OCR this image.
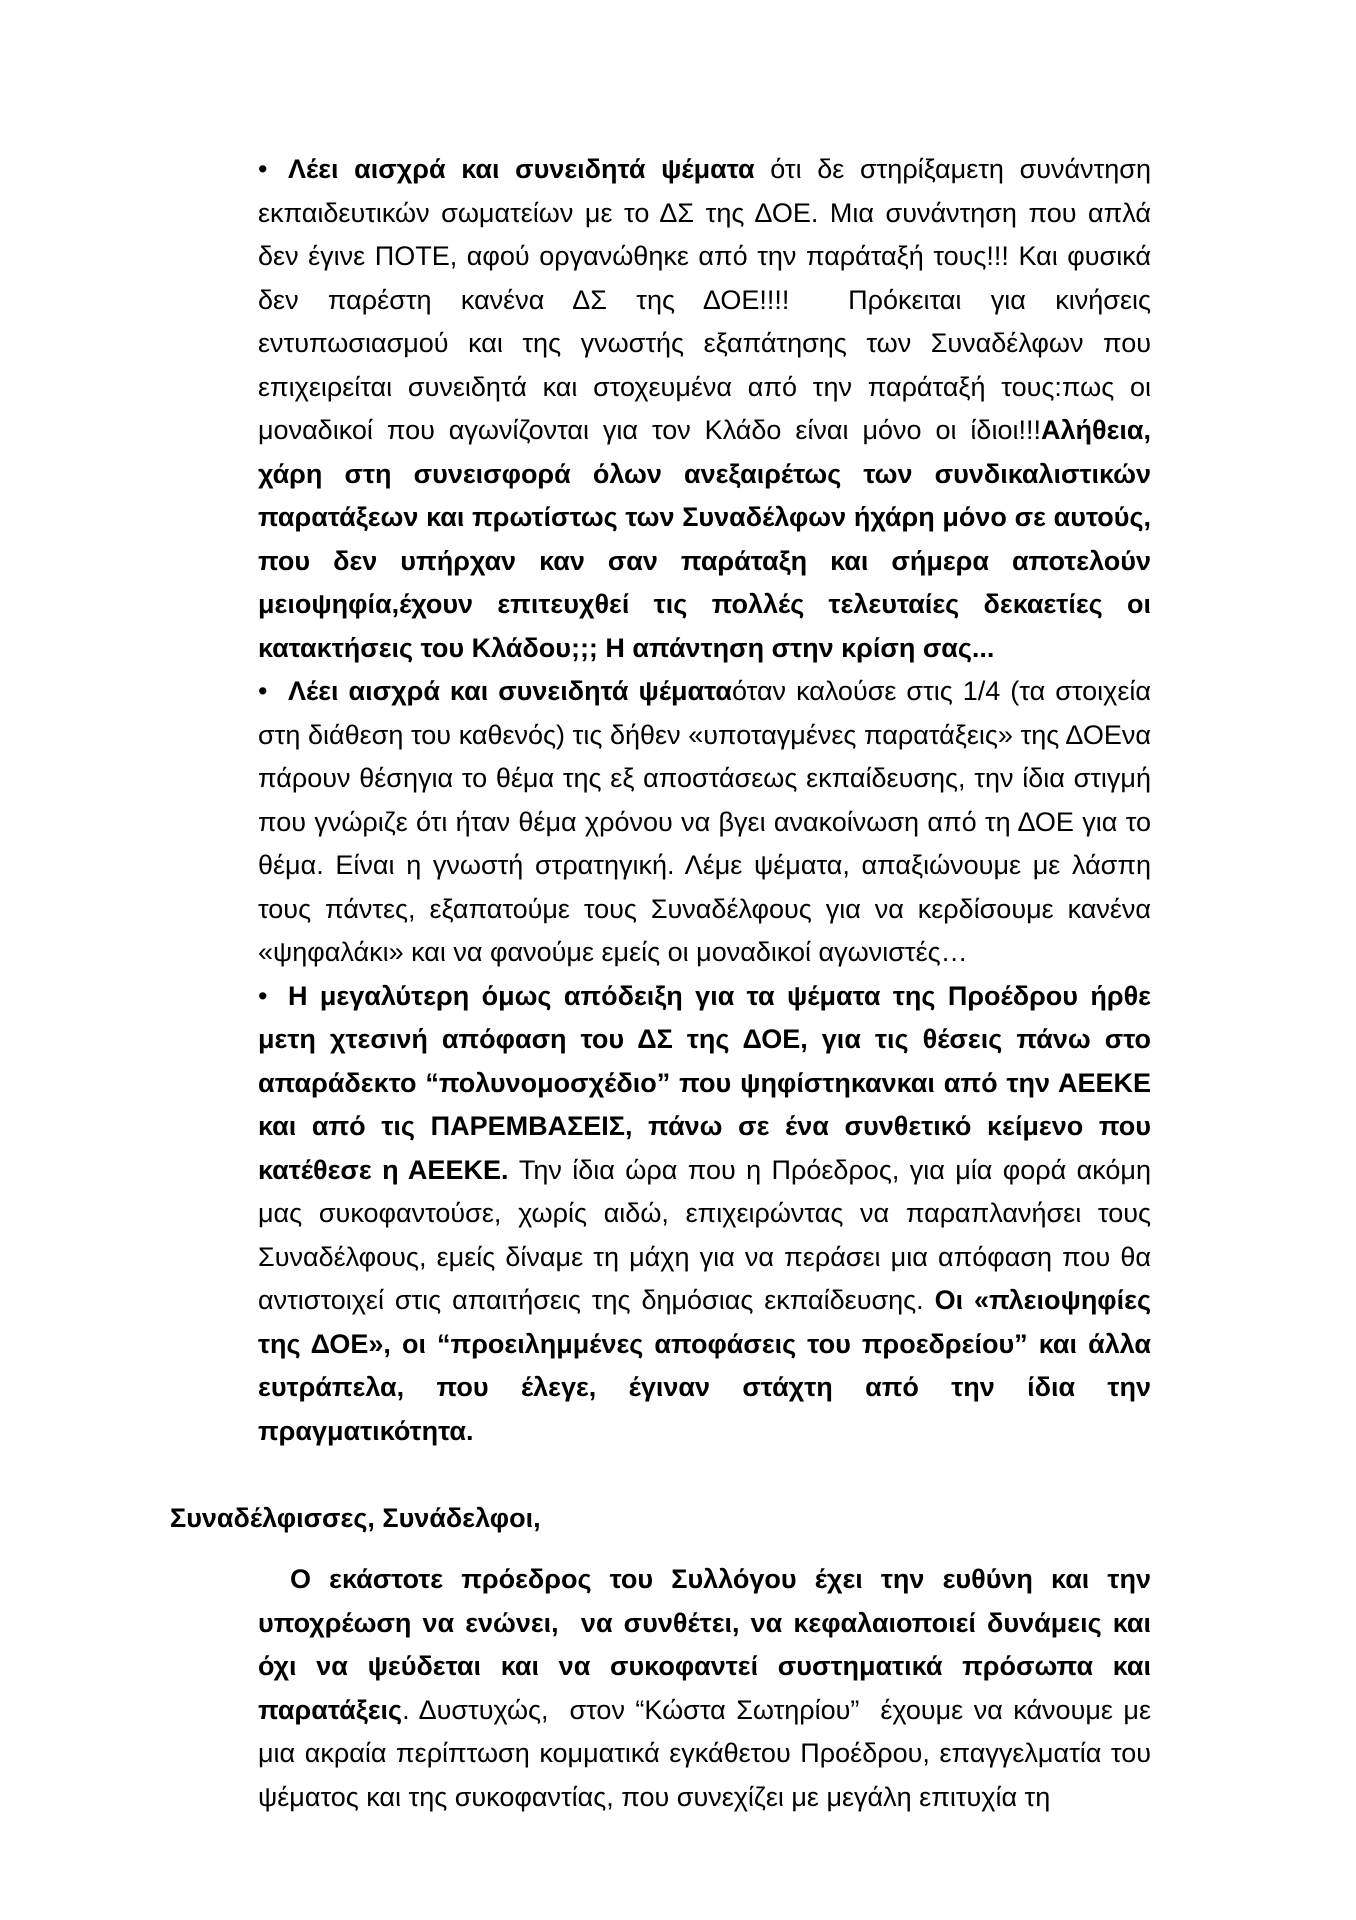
• Λέει αισχρά και συνειδητά ψέματα ότι δε στηρίξαμετη συνάντηση εκπαιδευτικών σωματείων με το ΔΣ της ΔΟΕ. Μια συνάντηση που απλά δεν έγινε ΠΟΤΕ, αφού οργανώθηκε από την παράταξή τους!!! Και φυσικά δεν παρέστη κανένα ΔΣ της ΔΟΕ!!!!  Πρόκειται για κινήσεις εντυπωσιασμού και της γνωστής εξαπάτησης των Συναδέλφων που επιχειρείται συνειδητά και στοχευμένα από την παράταξή τους:πως οι μοναδικοί που αγωνίζονται για τον Κλάδο είναι μόνο οι ίδιοι!!!Αλήθεια, χάρη στη συνεισφορά όλων ανεξαιρέτως των συνδικαλιστικών παρατάξεων και πρωτίστως των Συναδέλφων ήχάρη μόνο σε αυτούς, που δεν υπήρχαν καν σαν παράταξη και σήμερα αποτελούν μειοψηφία,έχουν επιτευχθεί τις πολλές τελευταίες δεκαετίες οι κατακτήσεις του Κλάδου;;; Η απάντηση στην κρίση σας...
• Λέει αισχρά και συνειδητά ψέματαόταν καλούσε στις 1/4 (τα στοιχεία στη διάθεση του καθενός) τις δήθεν «υποταγμένες παρατάξεις» της ΔΟΕνα πάρουν θέσηγια το θέμα της εξ αποστάσεως εκπαίδευσης, την ίδια στιγμή που γνώριζε ότι ήταν θέμα χρόνου να βγει ανακοίνωση από τη ΔΟΕ για το θέμα. Είναι η γνωστή στρατηγική. Λέμε ψέματα, απαξιώνουμε με λάσπη τους πάντες, εξαπατούμε τους Συναδέλφους για να κερδίσουμε κανένα «ψηφαλάκι» και να φανούμε εμείς οι μοναδικοί αγωνιστές…
• Η μεγαλύτερη όμως απόδειξη για τα ψέματα της Προέδρου ήρθε μετη χτεσινή απόφαση του ΔΣ της ΔΟΕ, για τις θέσεις πάνω στο απαράδεκτο “πολυνομοσχέδιο” που ψηφίστηκανκαι από την ΑΕΕΚΕ και από τις ΠΑΡΕΜΒΑΣΕΙΣ, πάνω σε ένα συνθετικό κείμενο που κατέθεσε η ΑΕΕΚΕ. Την ίδια ώρα που η Πρόεδρος, για μία φορά ακόμη μας συκοφαντούσε, χωρίς αιδώ, επιχειρώντας να παραπλανήσει τους Συναδέλφους, εμείς δίναμε τη μάχη για να περάσει μια απόφαση που θα αντιστοιχεί στις απαιτήσεις της δημόσιας εκπαίδευσης. Οι «πλειοψηφίες της ΔΟΕ», οι “προειλημμένες αποφάσεις του προεδρείου” και άλλα ευτράπελα, που έλεγε, έγιναν στάχτη από την ίδια την πραγματικότητα.

Συναδέλφισσες, Συνάδελφοι,

Ο εκάστοτε πρόεδρος του Συλλόγου έχει την ευθύνη και την υποχρέωση να ενώνει,  να συνθέτει, να κεφαλαιοποιεί δυνάμεις και όχι να ψεύδεται και να συκοφαντεί συστηματικά πρόσωπα και παρατάξεις. Δυστυχώς,  στον “Κώστα Σωτηρίου”  έχουμε να κάνουμε με μια ακραία περίπτωση κομματικά εγκάθετου Προέδρου, επαγγελματία του ψέματος και της συκοφαντίας, που συνεχίζει με μεγάλη επιτυχία τη
